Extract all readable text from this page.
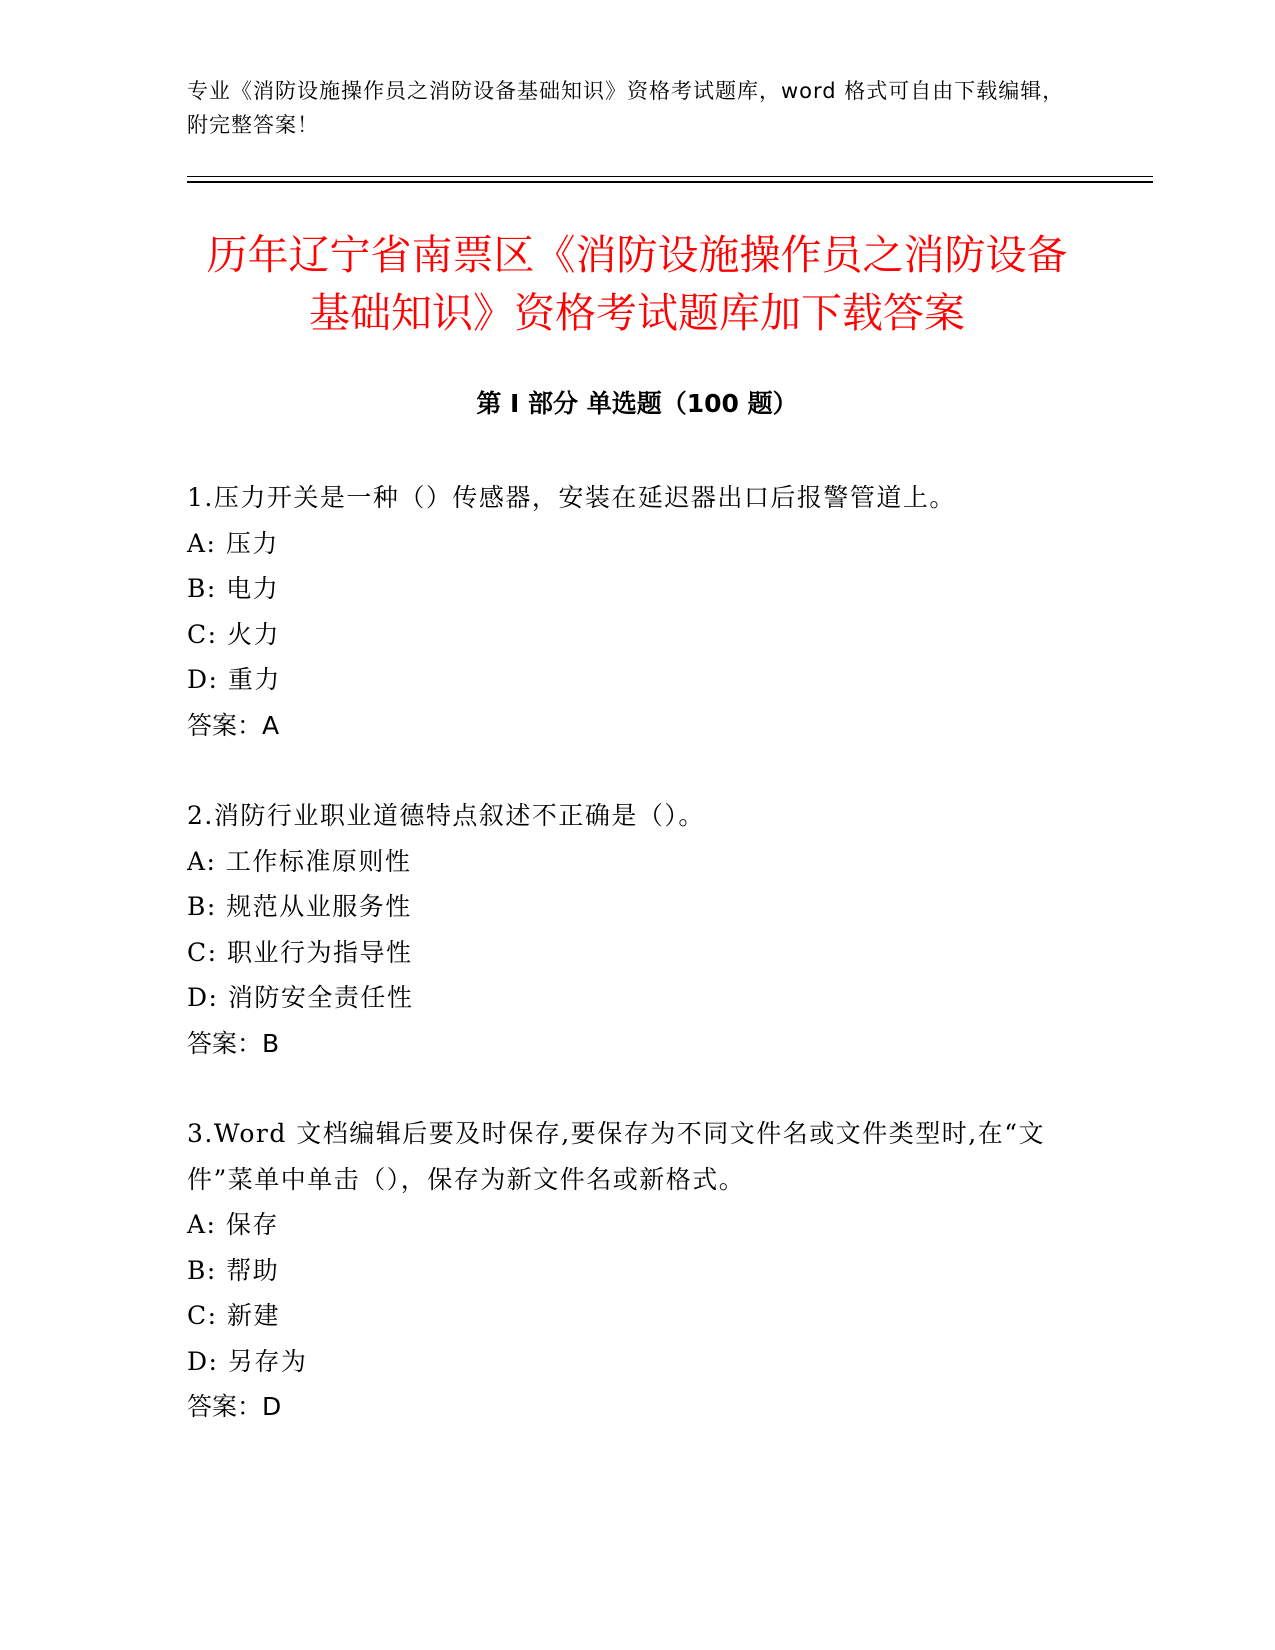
专业《消防设施操作员之消防设备基础知识》资格考试题库，word 格式可自由下载编辑，附完整答案！
历年辽宁省南票区《消防设施操作员之消防设备基础知识》资格考试题库加下载答案
第 I 部分 单选题（100 题）
1.压力开关是一种（）传感器，安装在延迟器出口后报警管道上。
A: 压力
B: 电力
C: 火力
D: 重力
答案：A
2.消防行业职业道德特点叙述不正确是（）。
A: 工作标准原则性
B: 规范从业服务性
C: 职业行为指导性
D: 消防安全责任性
答案：B
3.Word 文档编辑后要及时保存,要保存为不同文件名或文件类型时,在“文件”菜单中单击（），保存为新文件名或新格式。
A: 保存
B: 帮助
C: 新建
D: 另存为
答案：D
